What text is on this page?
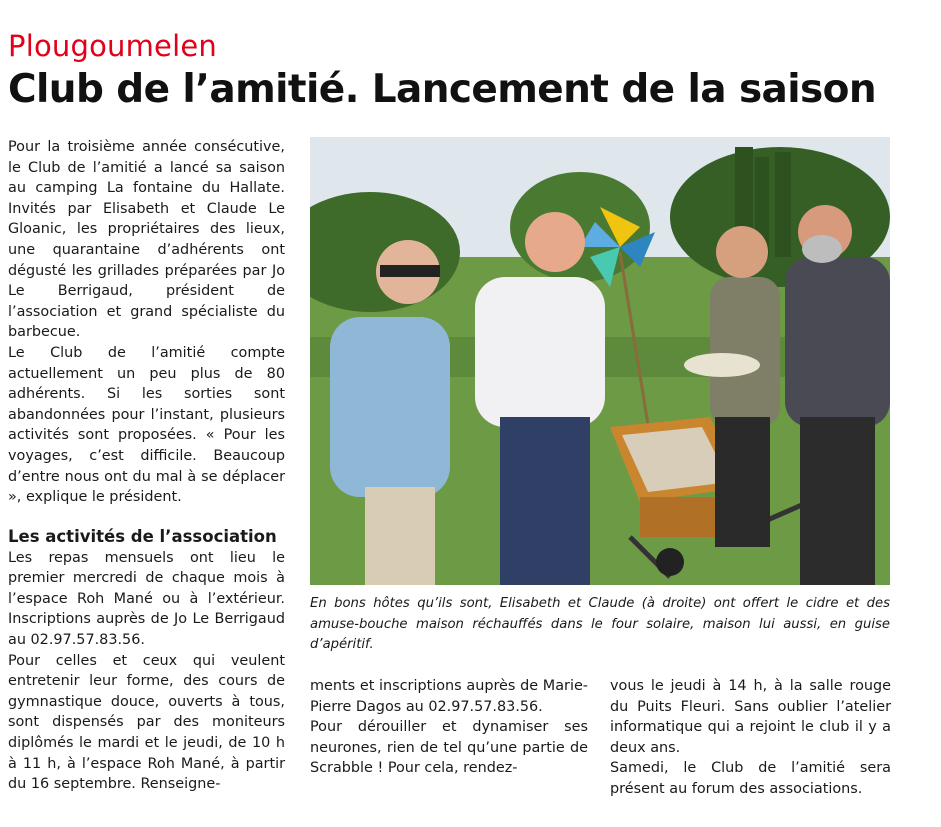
Plougoumelen
Club de l’amitié. Lancement de la saison

Pour la troisième année consécutive, le Club de l’amitié a lancé sa saison au camping La fontaine du Hallate. Invités par Elisabeth et Claude Le Gloanic, les propriétaires des lieux, une quarantaine d’adhérents ont dégusté les grillades préparées par Jo Le Berrigaud, président de l’association et grand spécialiste du barbecue.

Le Club de l’amitié compte actuellement un peu plus de 80 adhérents. Si les sorties sont abandonnées pour l’instant, plusieurs activités sont proposées. « Pour les voyages, c’est difficile. Beaucoup d’entre nous ont du mal à se déplacer », explique le président.

Les activités de l’association

Les repas mensuels ont lieu le premier mercredi de chaque mois à l’espace Roh Mané ou à l’extérieur. Inscriptions auprès de Jo Le Berrigaud au 02.97.57.83.56.

Pour celles et ceux qui veulent entretenir leur forme, des cours de gymnastique douce, ouverts à tous, sont dispensés par des moniteurs diplômés le mardi et le jeudi, de 10 h à 11 h, à l’espace Roh Mané, à partir du 16 septembre. Renseigne-

En bons hôtes qu’ils sont, Elisabeth et Claude (à droite) ont offert le cidre et des amuse-bouche maison réchauffés dans le four solaire, maison lui aussi, en guise d’apéritif.

ments et inscriptions auprès de Marie-Pierre Dagos au 02.97.57.83.56.

Pour dérouiller et dynamiser ses neurones, rien de tel qu’une partie de Scrabble ! Pour cela, rendez-

vous le jeudi à 14 h, à la salle rouge du Puits Fleuri. Sans oublier l’atelier informatique qui a rejoint le club il y a deux ans.

Samedi, le Club de l’amitié sera présent au forum des associations.
